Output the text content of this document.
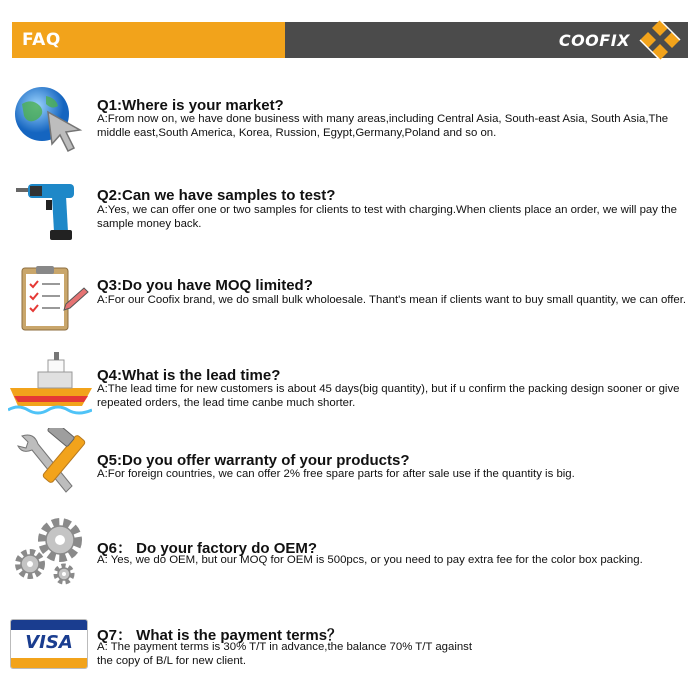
FAQ	COOFIX
Q1:Where is your market?
A:From now on, we have done business with many areas,including Central Asia, South-east Asia, South Asia,The middle east,South America, Korea, Russion, Egypt,Germany,Poland and so on.
Q2:Can we have samples to test?
A:Yes, we can offer one or two samples for clients to test with charging.When clients place an order, we will pay the sample money back.
Q3:Do you have MOQ limited?
A:For our Coofix brand, we do small bulk wholoesale. Thant's mean if clients want to buy small quantity, we can offer.
Q4:What is the lead time?
A:The lead time for new customers is about 45 days(big quantity), but if u confirm the packing design sooner or give repeated orders, the lead time canbe much shorter.
Q5:Do you offer warranty of your products?
A:For foreign countries, we can offer 2% free spare parts for after sale use if the quantity is big.
Q6： Do your factory do OEM?
A: Yes, we do OEM, but our MOQ for OEM is 500pcs, or you need to pay extra fee for the color box packing.
VISA	Q7： What is the payment terms？
A: The payment terms is 30% T/T in advance,the balance 70% T/T against the copy of B/L for new client.
